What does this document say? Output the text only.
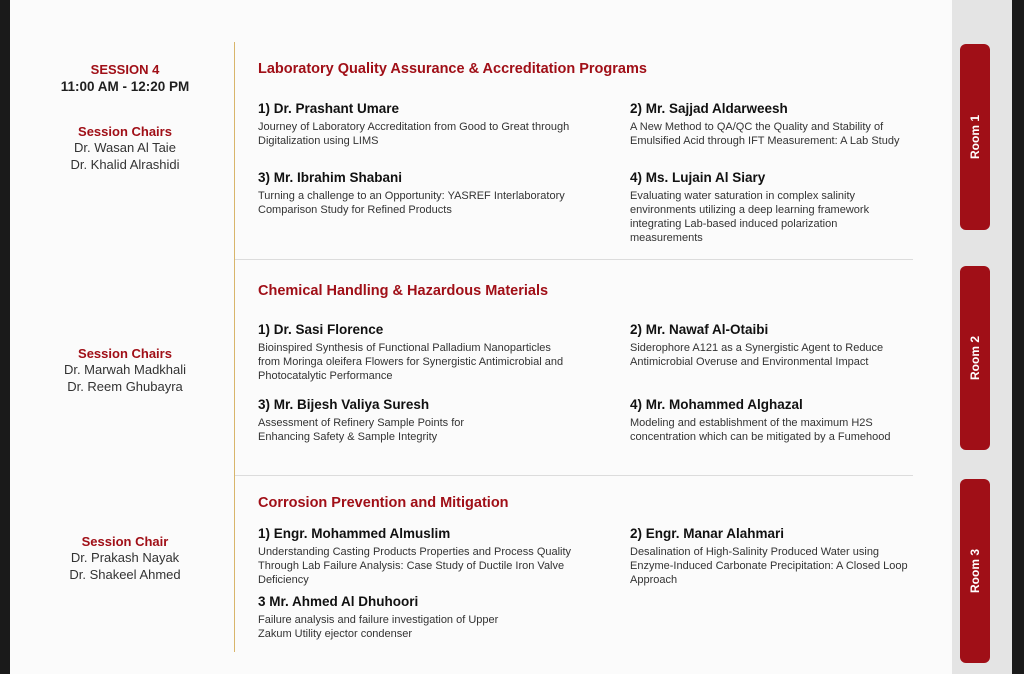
SESSION 4
11:00 AM - 12:20 PM
Session Chairs
Dr. Wasan Al Taie
Dr. Khalid Alrashidi
Session Chairs
Dr. Marwah Madkhali
Dr. Reem Ghubayra
Session Chair
Dr. Prakash Nayak
Dr. Shakeel Ahmed
Laboratory Quality Assurance & Accreditation Programs
1) Dr. Prashant Umare
Journey of Laboratory Accreditation from Good to Great through Digitalization using LIMS
2) Mr. Sajjad Aldarweesh
A New Method to QA/QC the Quality and Stability of Emulsified Acid through IFT Measurement: A Lab Study
3) Mr. Ibrahim Shabani
Turning a challenge to an Opportunity: YASREF Interlaboratory Comparison Study for Refined Products
4) Ms. Lujain Al Siary
Evaluating water saturation in complex salinity environments utilizing a deep learning framework integrating Lab-based induced polarization measurements
Room 1
Chemical Handling & Hazardous Materials
1) Dr. Sasi Florence
Bioinspired Synthesis of Functional Palladium Nanoparticles from Moringa oleifera Flowers for Synergistic Antimicrobial and Photocatalytic Performance
2) Mr. Nawaf Al-Otaibi
Siderophore A121 as a Synergistic Agent to Reduce Antimicrobial Overuse and Environmental Impact
3) Mr. Bijesh Valiya Suresh
Assessment of Refinery Sample Points for Enhancing Safety & Sample Integrity
4) Mr. Mohammed Alghazal
Modeling and establishment of the maximum H2S concentration which can be mitigated by a Fumehood
Room 2
Corrosion Prevention and Mitigation
1) Engr. Mohammed Almuslim
Understanding Casting Products Properties and Process Quality Through Lab Failure Analysis: Case Study of Ductile Iron Valve Deficiency
2) Engr. Manar Alahmari
Desalination of High-Salinity Produced Water using Enzyme-Induced Carbonate Precipitation: A Closed Loop Approach
3 Mr. Ahmed Al Dhuhoori
Failure analysis and failure investigation of Upper Zakum Utility ejector condenser
Room 3
